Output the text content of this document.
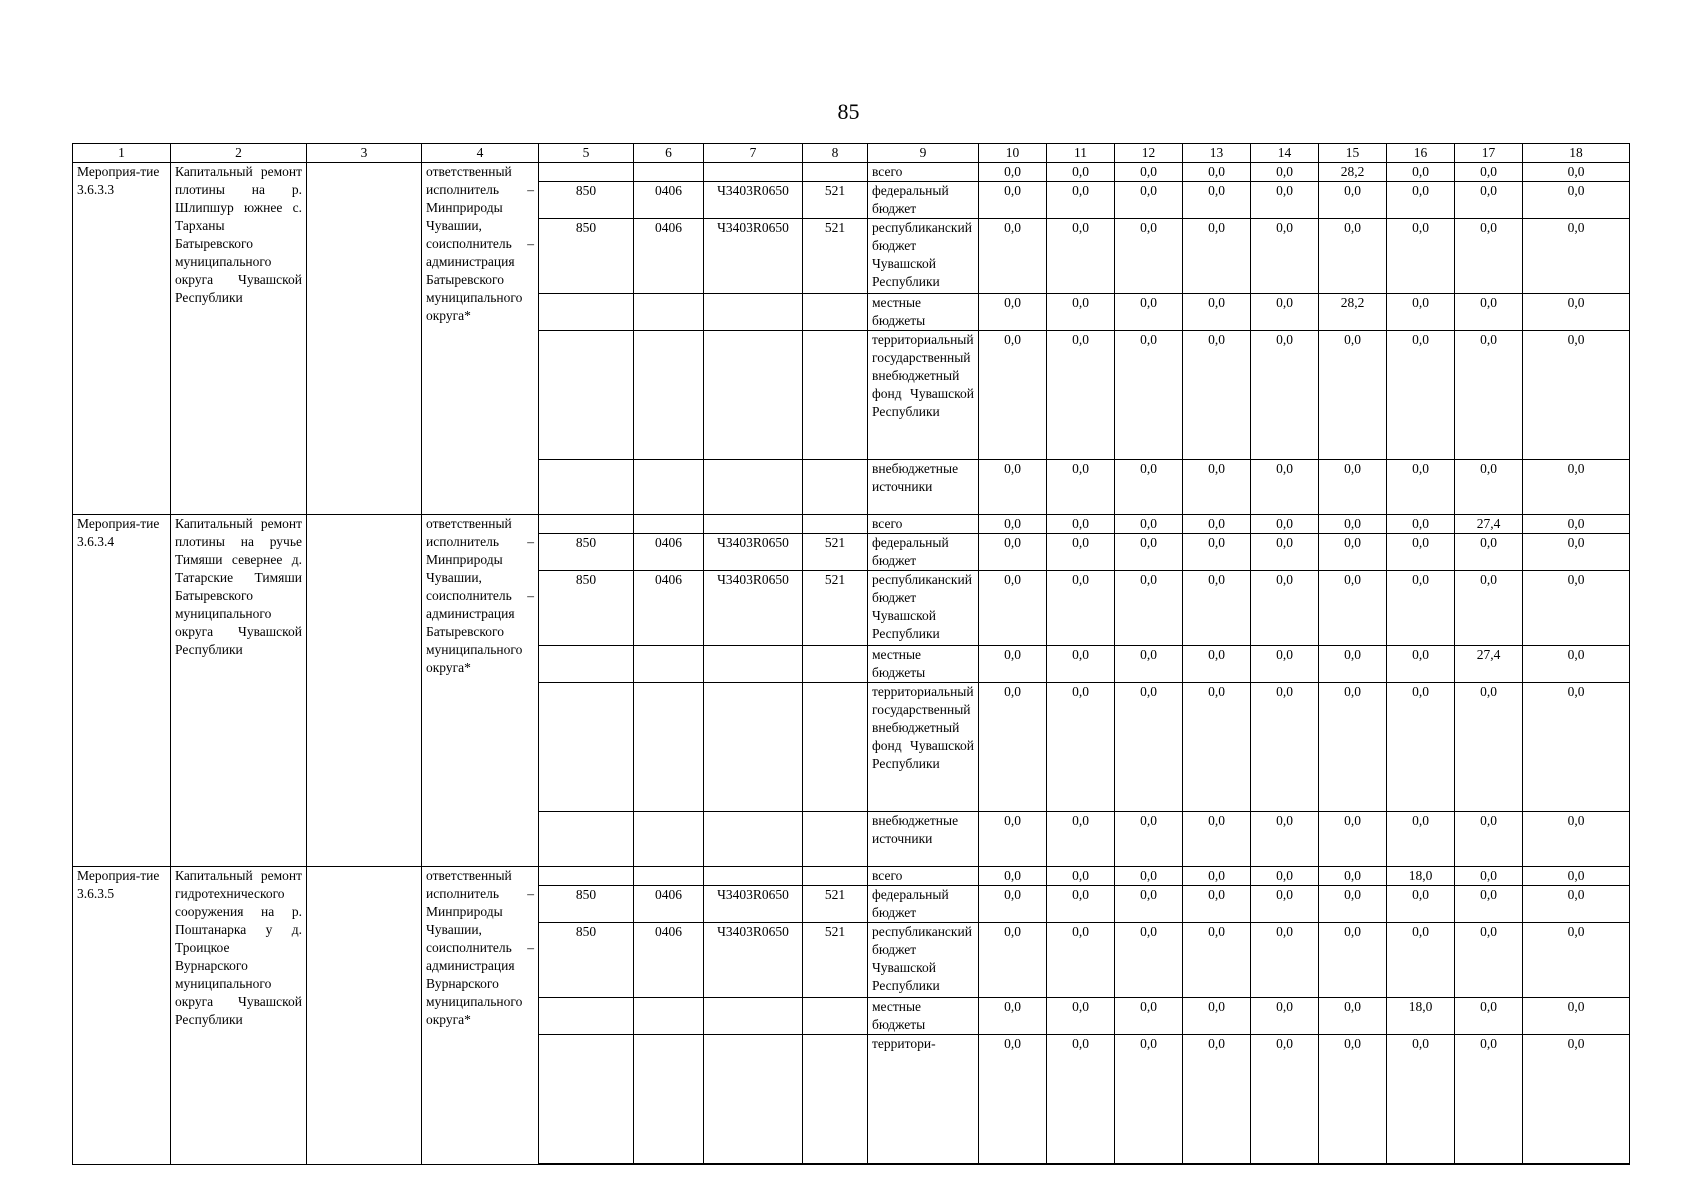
85
1	2	3	4	5	6	7	8	9	10	11	12	13	14	15	16	17	18
Мероприя-тие 3.6.3.3	Капитальный ремонт плотины на р. Шлипшур южнее с. Тарханы Батыревского муниципального округа Чувашской Республики		ответственный исполнитель – Минприроды Чувашии, соисполнитель – администрация Батыревского муниципального округа*					всего	0,0	0,0	0,0	0,0	0,0	28,2	0,0	0,0	0,0
				850	0406	Ч3403R0650	521	федеральный бюджет	0,0	0,0	0,0	0,0	0,0	0,0	0,0	0,0	0,0
				850	0406	Ч3403R0650	521	республиканский бюджет Чувашской Республики	0,0	0,0	0,0	0,0	0,0	0,0	0,0	0,0	0,0
								местные бюджеты	0,0	0,0	0,0	0,0	0,0	28,2	0,0	0,0	0,0
								территориальный государственный внебюджетный фонд Чувашской Республики	0,0	0,0	0,0	0,0	0,0	0,0	0,0	0,0	0,0
								внебюджетные источники	0,0	0,0	0,0	0,0	0,0	0,0	0,0	0,0	0,0
Мероприя-тие 3.6.3.4	Капитальный ремонт плотины на ручье Тимяши севернее д. Татарские Тимяши Батыревского муниципального округа Чувашской Республики		ответственный исполнитель – Минприроды Чувашии, соисполнитель – администрация Батыревского муниципального округа*					всего	0,0	0,0	0,0	0,0	0,0	0,0	0,0	27,4	0,0
				850	0406	Ч3403R0650	521	федеральный бюджет	0,0	0,0	0,0	0,0	0,0	0,0	0,0	0,0	0,0
				850	0406	Ч3403R0650	521	республиканский бюджет Чувашской Республики	0,0	0,0	0,0	0,0	0,0	0,0	0,0	0,0	0,0
								местные бюджеты	0,0	0,0	0,0	0,0	0,0	0,0	0,0	27,4	0,0
								территориальный государственный внебюджетный фонд Чувашской Республики	0,0	0,0	0,0	0,0	0,0	0,0	0,0	0,0	0,0
								внебюджетные источники	0,0	0,0	0,0	0,0	0,0	0,0	0,0	0,0	0,0
Мероприя-тие 3.6.3.5	Капитальный ремонт гидротехнического сооружения на р. Поштанарка у д. Троицкое Вурнарского муниципального округа Чувашской Республики		ответственный исполнитель – Минприроды Чувашии, соисполнитель – администрация Вурнарского муниципального округа*					всего	0,0	0,0	0,0	0,0	0,0	0,0	18,0	0,0	0,0
				850	0406	Ч3403R0650	521	федеральный бюджет	0,0	0,0	0,0	0,0	0,0	0,0	0,0	0,0	0,0
				850	0406	Ч3403R0650	521	республиканский бюджет Чувашской Республики	0,0	0,0	0,0	0,0	0,0	0,0	0,0	0,0	0,0
								местные бюджеты	0,0	0,0	0,0	0,0	0,0	0,0	18,0	0,0	0,0
								территори-	0,0	0,0	0,0	0,0	0,0	0,0	0,0	0,0	0,0
